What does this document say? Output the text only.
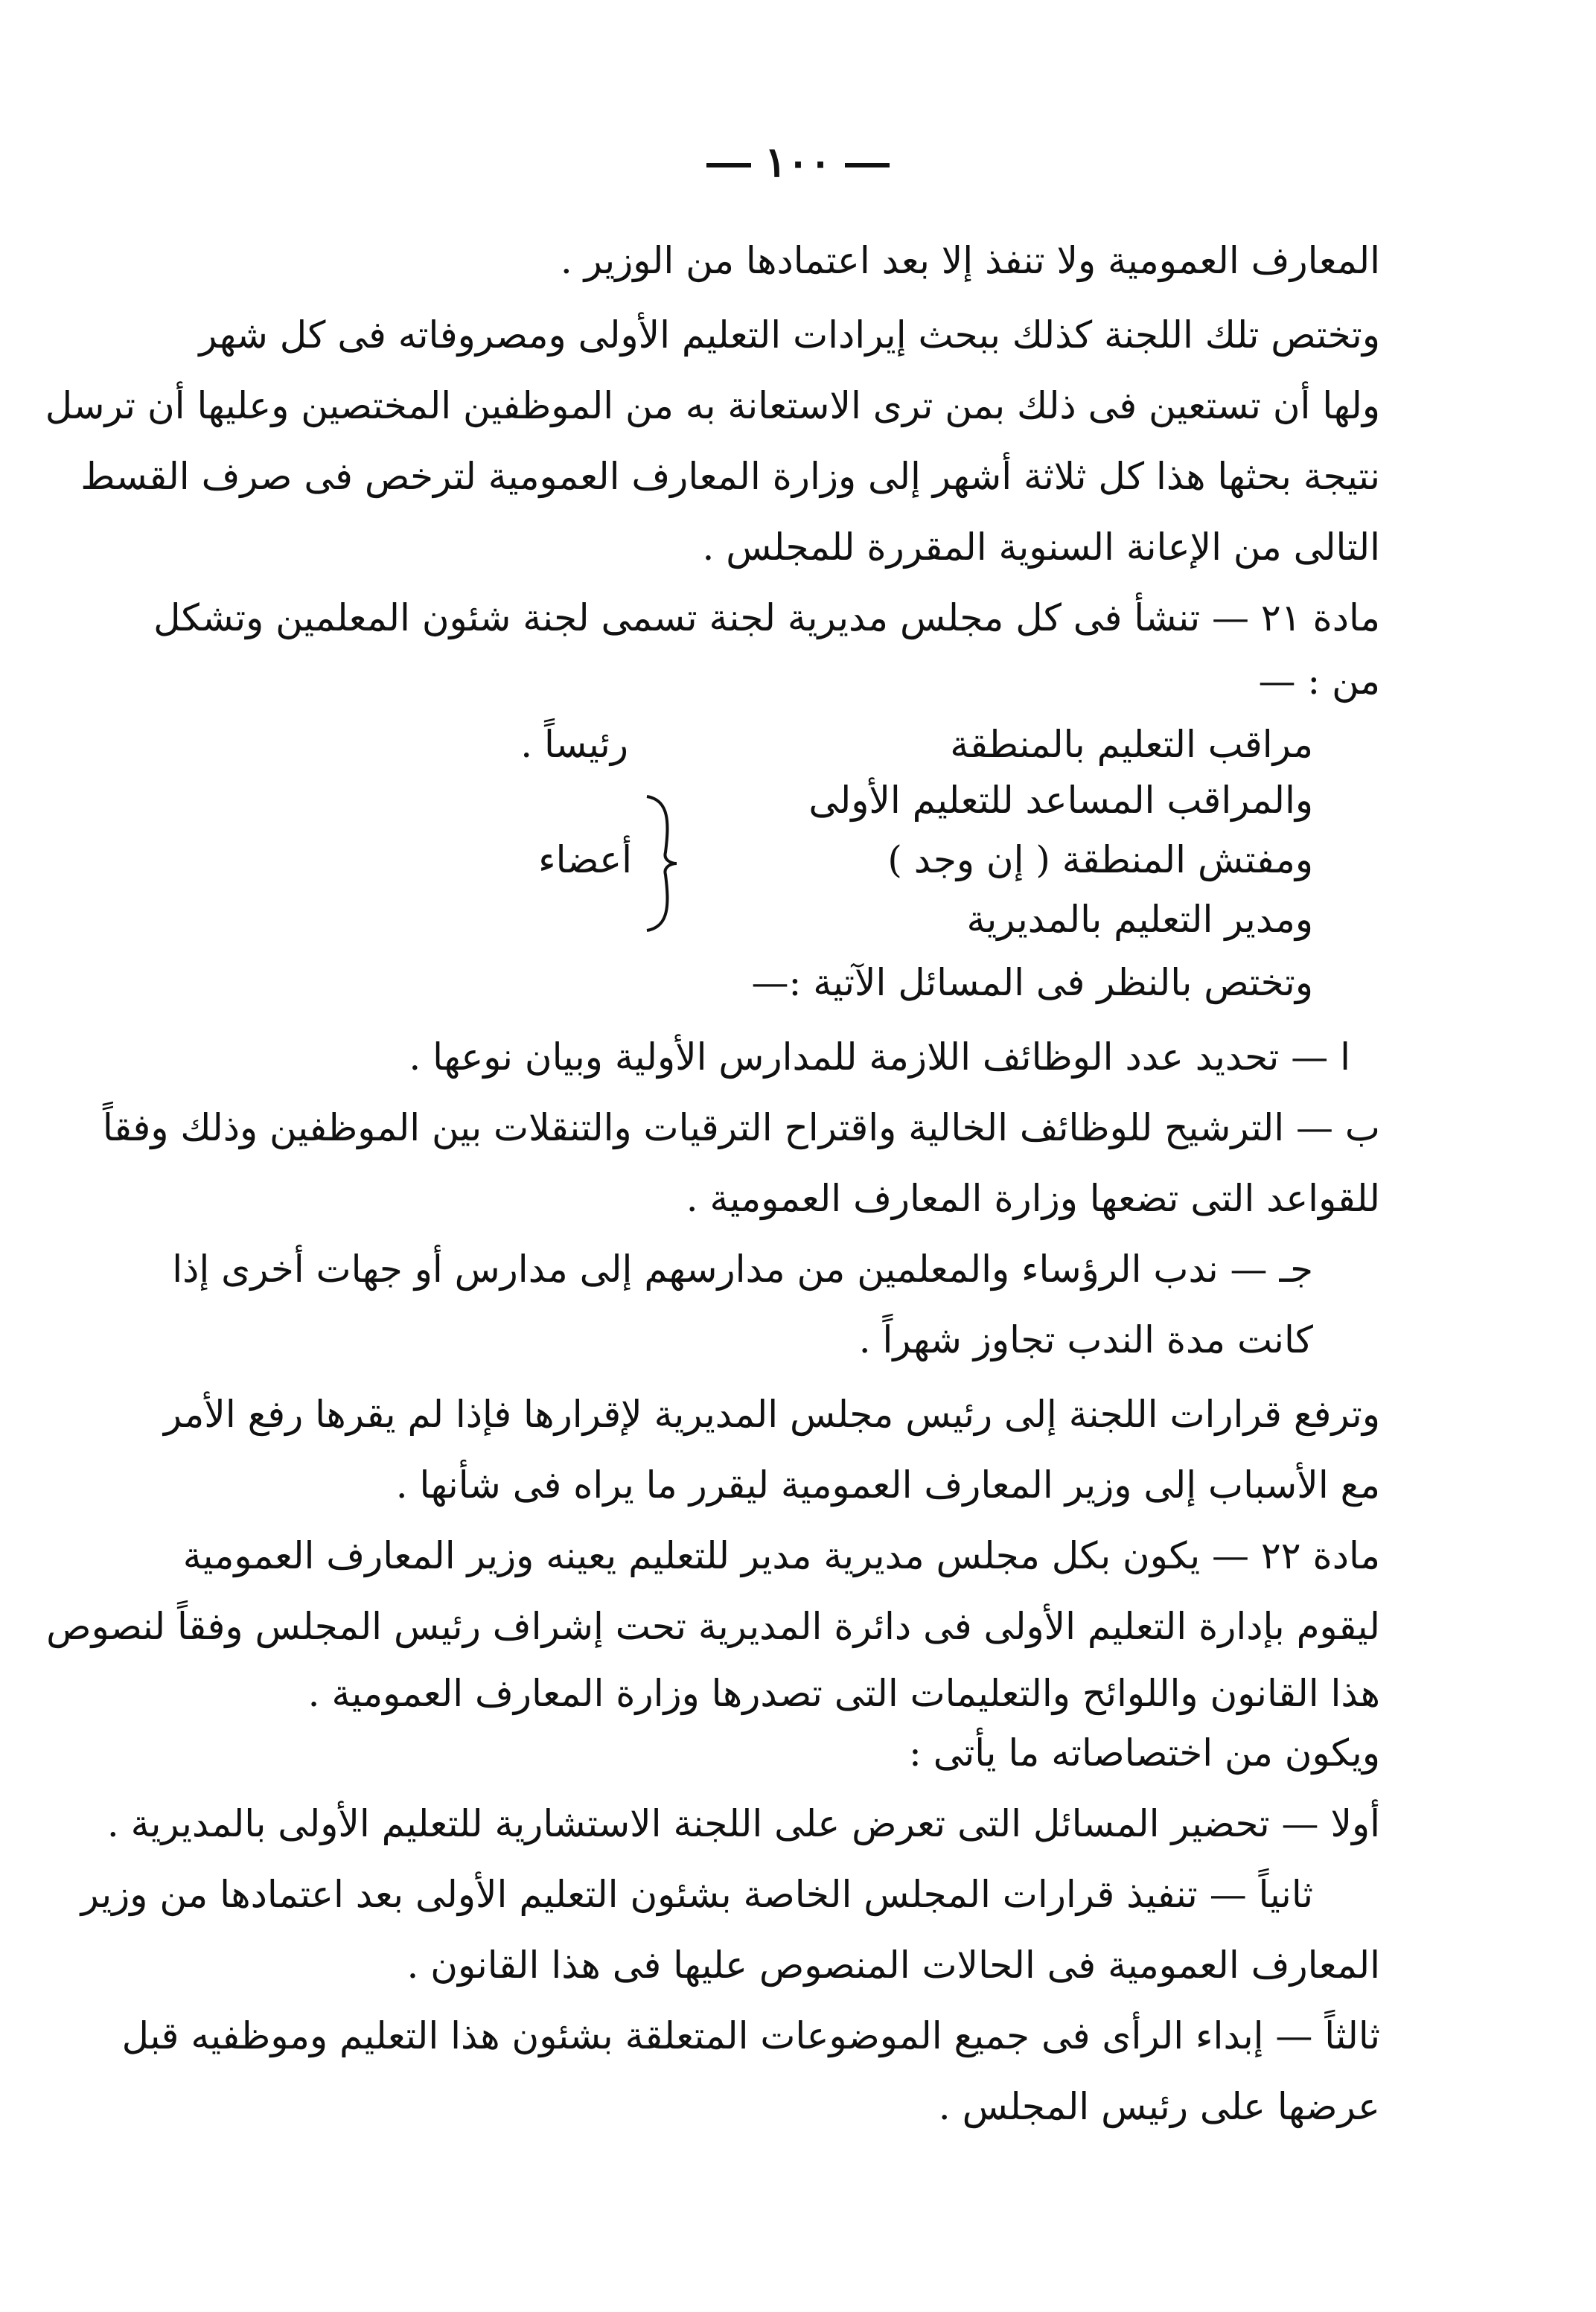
١٠٠
المعارف العمومية ولا تنفذ إلا بعد اعتمادها من الوزير .
وتختص تلك اللجنة كذلك ببحث إيرادات التعليم الأولى ومصروفاته فى كل شهر
ولها أن تستعين فى ذلك بمن ترى الاستعانة به من الموظفين المختصين وعليها أن ترسل
نتيجة بحثها هذا كل ثلاثة أشهر إلى وزارة المعارف العمومية لترخص فى صرف القسط
التالى من الإعانة السنوية المقررة للمجلس .
مادة ٢١ — تنشأ فى كل مجلس مديرية لجنة تسمى لجنة شئون المعلمين وتشكل
من : —
مراقب التعليم بالمنطقة
رئيساً .
والمراقب المساعد للتعليم الأولى
ومفتش المنطقة ( إن وجد )
ومدير التعليم بالمديرية
أعضاء
وتختص بالنظر فى المسائل الآتية :—
ا — تحديد عدد الوظائف اللازمة للمدارس الأولية وبيان نوعها .
ب — الترشيح للوظائف الخالية واقتراح الترقيات والتنقلات بين الموظفين وذلك وفقاً
للقواعد التى تضعها وزارة المعارف العمومية .
جـ — ندب الرؤساء والمعلمين من مدارسهم إلى مدارس أو جهات أخرى إذا
كانت مدة الندب تجاوز شهراً .
وترفع قرارات اللجنة إلى رئيس مجلس المديرية لإقرارها فإذا لم يقرها رفع الأمر
مع الأسباب إلى وزير المعارف العمومية ليقرر ما يراه فى شأنها .
مادة ٢٢ — يكون بكل مجلس مديرية مدير للتعليم يعينه وزير المعارف العمومية
ليقوم بإدارة التعليم الأولى فى دائرة المديرية تحت إشراف رئيس المجلس وفقاً لنصوص
هذا القانون واللوائح والتعليمات التى تصدرها وزارة المعارف العمومية .
ويكون من اختصاصاته ما يأتى :
أولا — تحضير المسائل التى تعرض على اللجنة الاستشارية للتعليم الأولى بالمديرية .
ثانياً — تنفيذ قرارات المجلس الخاصة بشئون التعليم الأولى بعد اعتمادها من وزير
المعارف العمومية فى الحالات المنصوص عليها فى هذا القانون .
ثالثاً — إبداء الرأى فى جميع الموضوعات المتعلقة بشئون هذا التعليم وموظفيه قبل
عرضها على رئيس المجلس .
